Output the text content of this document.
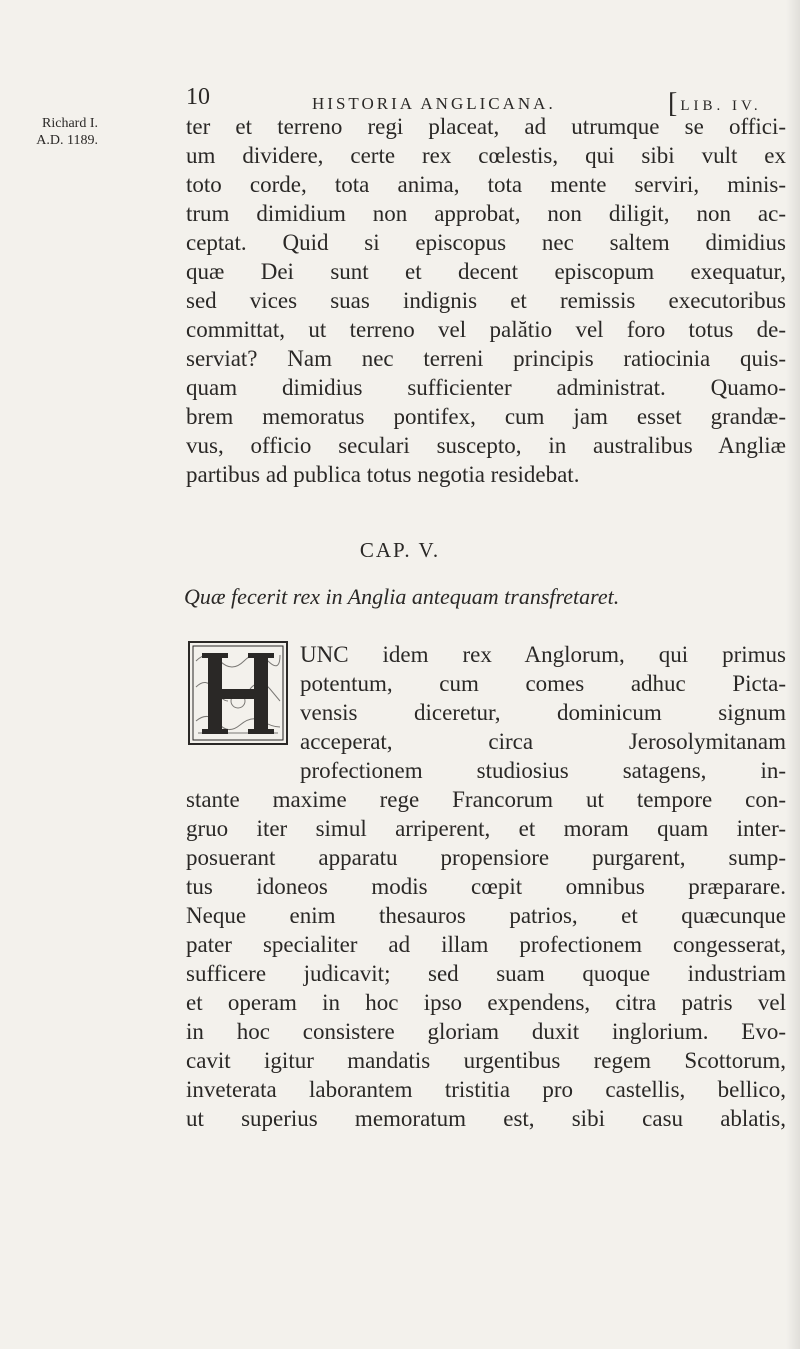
10	HISTORIA ANGLICANA.	[LIB. IV.
Richard I.
A.D. 1189.
ter et terreno regi placeat, ad utrumque se offici-
um dividere, certe rex cœlestis, qui sibi vult ex
toto corde, tota anima, tota mente serviri, minis-
trum dimidium non approbat, non diligit, non ac-
ceptat. Quid si episcopus nec saltem dimidius
quæ Dei sunt et decent episcopum exequatur,
sed vices suas indignis et remissis executoribus
committat, ut terreno vel palătio vel foro totus de-
serviat? Nam nec terreni principis ratiocinia quis-
quam dimidius sufficienter administrat. Quamo-
brem memoratus pontifex, cum jam esset grandæ-
vus, officio seculari suscepto, in australibus Angliæ
partibus ad publica totus negotia residebat.
CAP. V.
Quæ fecerit rex in Anglia antequam transfretaret.
UNC idem rex Anglorum, qui primus
potentum, cum comes adhuc Picta-
vensis diceretur, dominicum signum
acceperat, circa Jerosolymitanam
profectionem studiosius satagens, in-
stante maxime rege Francorum ut tempore con-
gruo iter simul arriperent, et moram quam inter-
posuerant apparatu propensiore purgarent, sump-
tus idoneos modis cœpit omnibus præparare.
Neque enim thesauros patrios, et quæcunque
pater specialiter ad illam profectionem congesserat,
sufficere judicavit; sed suam quoque industriam
et operam in hoc ipso expendens, citra patris vel
in hoc consistere gloriam duxit inglorium. Evo-
cavit igitur mandatis urgentibus regem Scottorum,
inveterata laborantem tristitia pro castellis, bellico,
ut superius memoratum est, sibi casu ablatis,
